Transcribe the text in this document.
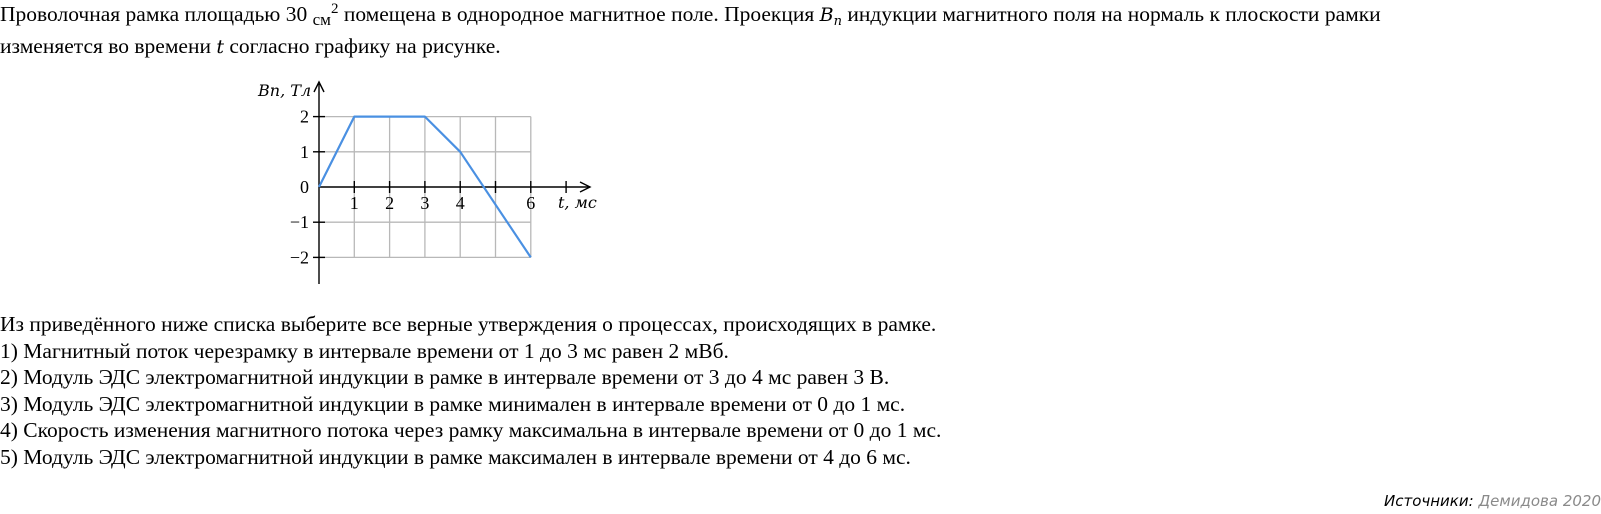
Проволочная рамка площадью 30 $см^2$ помещена в однородное магнитное поле. Проекция $B_n$ индукции магнитного поля на нормаль к плоскости рамки

изменяется во времени t согласно графику на рисунке.

1 2 3 4	6
2
1
0
−1
−2
Bn, Тл
t, мс

Из приведённого ниже списка выберите все верные утверждения о процессах, происходящих в рамке.

1) Магнитный поток черезрамку в интервале времени от 1 до 3 мс равен 2 мВб.

2) Модуль ЭДС электромагнитной индукции в рамке в интервале времени от 3 до 4 мс равен 3 В.

3) Модуль ЭДС электромагнитной индукции в рамке минимален в интервале времени от 0 до 1 мс.

4) Скорость изменения магнитного потока через рамку максимальна в интервале времени от 0 до 1 мс.

5) Модуль ЭДС электромагнитной индукции в рамке максимален в интервале времени от 4 до 6 мс.

Источники: Демидова 2020
